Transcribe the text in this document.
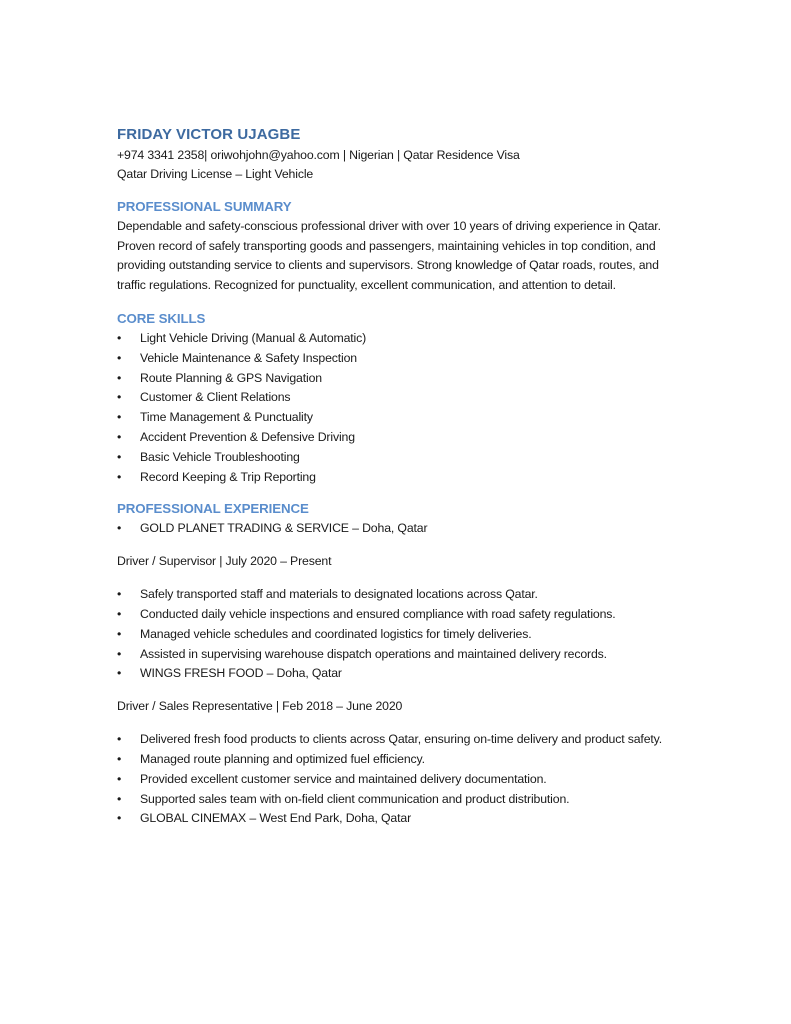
FRIDAY VICTOR UJAGBE

+974 3341 2358| oriwohjohn@yahoo.com | Nigerian | Qatar Residence Visa

Qatar Driving License – Light Vehicle

PROFESSIONAL SUMMARY

Dependable and safety-conscious professional driver with over 10 years of driving experience in Qatar. Proven record of safely transporting goods and passengers, maintaining vehicles in top condition, and providing outstanding service to clients and supervisors. Strong knowledge of Qatar roads, routes, and traffic regulations. Recognized for punctuality, excellent communication, and attention to detail.

CORE SKILLS
•	Light Vehicle Driving (Manual & Automatic)
•	Vehicle Maintenance & Safety Inspection
•	Route Planning & GPS Navigation
•	Customer & Client Relations
•	Time Management & Punctuality
•	Accident Prevention & Defensive Driving
•	Basic Vehicle Troubleshooting
•	Record Keeping & Trip Reporting
PROFESSIONAL EXPERIENCE
•	GOLD PLANET TRADING & SERVICE – Doha, Qatar

Driver / Supervisor | July 2020 – Present

•	Safely transported staff and materials to designated locations across Qatar.
•	Conducted daily vehicle inspections and ensured compliance with road safety regulations.
•	Managed vehicle schedules and coordinated logistics for timely deliveries.
•	Assisted in supervising warehouse dispatch operations and maintained delivery records.
•	WINGS FRESH FOOD – Doha, Qatar

Driver / Sales Representative | Feb 2018 – June 2020

•	Delivered fresh food products to clients across Qatar, ensuring on-time delivery and product safety.
•	Managed route planning and optimized fuel efficiency.
•	Provided excellent customer service and maintained delivery documentation.
•	Supported sales team with on-field client communication and product distribution.
•	GLOBAL CINEMAX – West End Park, Doha, Qatar
